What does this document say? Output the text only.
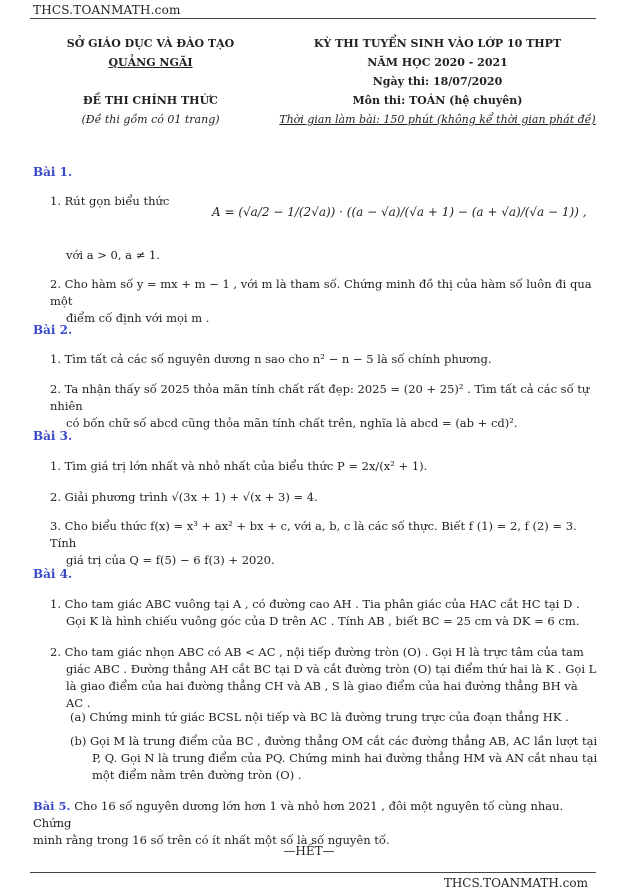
THCS.TOANMATH.com
SỞ GIÁO DỤC VÀ ĐÀO TẠO
QUẢNG NGÃI
ĐỀ THI CHÍNH THỨC
(Đề thi gồm có 01 trang)
KỲ THI TUYỂN SINH VÀO LỚP 10 THPT
NĂM HỌC 2020 - 2021
Ngày thi: 18/07/2020
Môn thi: TOÁN (hệ chuyên)
Thời gian làm bài: 150 phút (không kể thời gian phát đề)
Bài 1.
1. Rút gọn biểu thức
A = (√a/2 − 1/(2√a)) · ((a − √a)/(√a + 1) − (a + √a)/(√a − 1)) ,
với a > 0, a ≠ 1.
2. Cho hàm số y = mx + m − 1 , với m là tham số. Chứng minh đồ thị của hàm số luôn đi qua một
điểm cố định với mọi m .
Bài 2.
1. Tìm tất cả các số nguyên dương n sao cho n² − n − 5 là số chính phương.
2. Ta nhận thấy số 2025 thỏa mãn tính chất rất đẹp: 2025 = (20 + 25)² . Tìm tất cả các số tự nhiên
có bốn chữ số abcd cũng thỏa mãn tính chất trên, nghĩa là abcd = (ab + cd)².
Bài 3.
1. Tìm giá trị lớn nhất và nhỏ nhất của biểu thức P = 2x/(x² + 1).
2. Giải phương trình √(3x + 1) + √(x + 3) = 4.
3. Cho biểu thức f(x) = x³ + ax² + bx + c, với a, b, c là các số thực. Biết f (1) = 2, f (2) = 3. Tính
giá trị của Q = f(5) − 6 f(3) + 2020.
Bài 4.
1. Cho tam giác ABC vuông tại A , có đường cao AH . Tia phân giác của HAC cắt HC tại D .
Gọi K là hình chiếu vuông góc của D trên AC . Tính AB , biết BC = 25 cm và DK = 6 cm.
2. Cho tam giác nhọn ABC có AB < AC , nội tiếp đường tròn (O) . Gọi H là trực tâm của tam
giác ABC . Đường thẳng AH cắt BC tại D và cắt đường tròn (O) tại điểm thứ hai là K . Gọi L
là giao điểm của hai đường thẳng CH và AB , S là giao điểm của hai đường thẳng BH và AC .
(a) Chứng minh tứ giác BCSL nội tiếp và BC là đường trung trực của đoạn thẳng HK .
(b) Gọi M là trung điểm của BC , đường thẳng OM cắt các đường thẳng AB, AC lần lượt tại
P, Q. Gọi N là trung điểm của PQ. Chứng minh hai đường thẳng HM và AN cắt nhau tại
một điểm nằm trên đường tròn (O) .
Bài 5. Cho 16 số nguyên dương lớn hơn 1 và nhỏ hơn 2021 , đôi một nguyên tố cùng nhau. Chứng
minh rằng trong 16 số trên có ít nhất một số là số nguyên tố.
—HẾT—
THCS.TOANMATH.com
